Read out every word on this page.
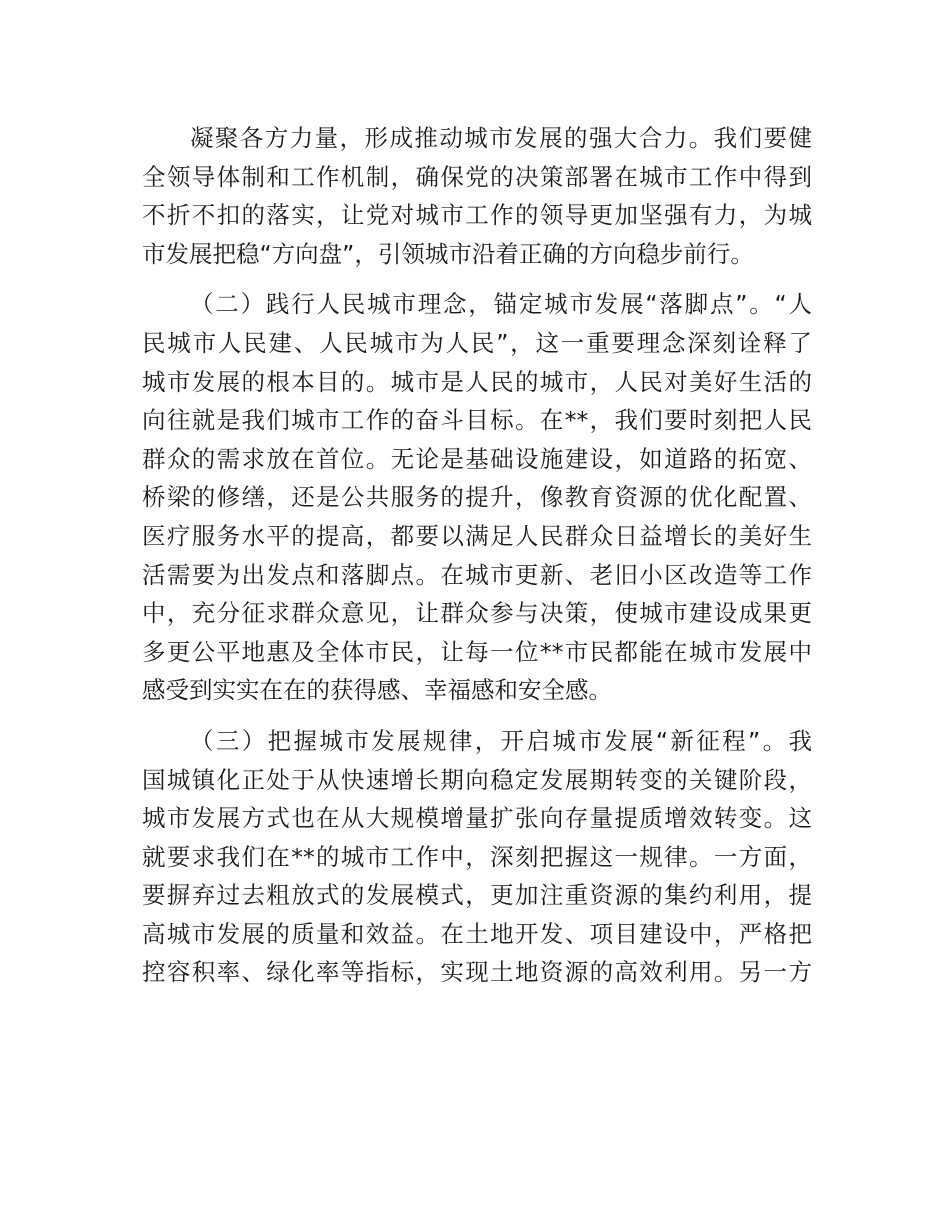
凝聚各方力量，形成推动城市发展的强大合力。我们要健
全领导体制和工作机制，确保党的决策部署在城市工作中得到
不折不扣的落实，让党对城市工作的领导更加坚强有力，为城
市发展把稳“方向盘”，引领城市沿着正确的方向稳步前行。
（二）践行人民城市理念，锚定城市发展“落脚点”。“人
民城市人民建、人民城市为人民”，这一重要理念深刻诠释了
城市发展的根本目的。城市是人民的城市，人民对美好生活的
向往就是我们城市工作的奋斗目标。在**，我们要时刻把人民
群众的需求放在首位。无论是基础设施建设，如道路的拓宽、
桥梁的修缮，还是公共服务的提升，像教育资源的优化配置、
医疗服务水平的提高，都要以满足人民群众日益增长的美好生
活需要为出发点和落脚点。在城市更新、老旧小区改造等工作
中，充分征求群众意见，让群众参与决策，使城市建设成果更
多更公平地惠及全体市民，让每一位**市民都能在城市发展中
感受到实实在在的获得感、幸福感和安全感。
（三）把握城市发展规律，开启城市发展“新征程”。我
国城镇化正处于从快速增长期向稳定发展期转变的关键阶段，
城市发展方式也在从大规模增量扩张向存量提质增效转变。这
就要求我们在**的城市工作中，深刻把握这一规律。一方面，
要摒弃过去粗放式的发展模式，更加注重资源的集约利用，提
高城市发展的质量和效益。在土地开发、项目建设中，严格把
控容积率、绿化率等指标，实现土地资源的高效利用。另一方
